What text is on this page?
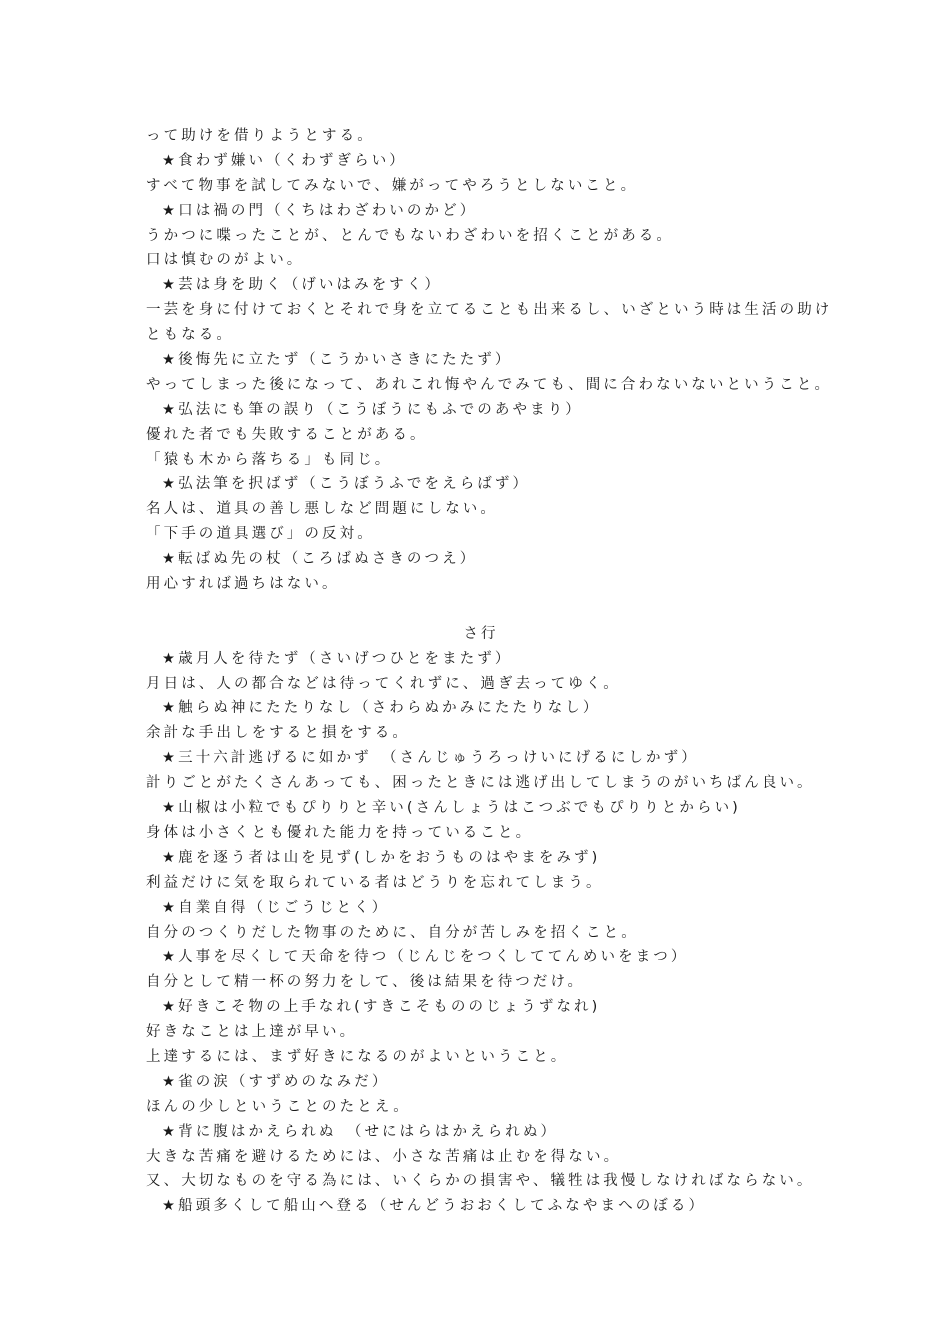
って助けを借りようとする。
★食わず嫌い（くわずぎらい）
すべて物事を試してみないで、嫌がってやろうとしないこと。
★口は禍の門（くちはわざわいのかど）
うかつに喋ったことが、とんでもないわざわいを招くことがある。
口は慎むのがよい。
★芸は身を助く（げいはみをすく）
一芸を身に付けておくとそれで身を立てることも出来るし、いざという時は生活の助け
ともなる。
★後悔先に立たず（こうかいさきにたたず）
やってしまった後になって、あれこれ悔やんでみても、間に合わないないということ。
★弘法にも筆の誤り（こうぼうにもふでのあやまり）
優れた者でも失敗することがある。
「猿も木から落ちる」も同じ。
★弘法筆を択ばず（こうぼうふでをえらばず）
名人は、道具の善し悪しなど問題にしない。
「下手の道具選び」の反対。
★転ばぬ先の杖（ころばぬさきのつえ）
用心すれば過ちはない。
さ行
★歳月人を待たず（さいげつひとをまたず）
月日は、人の都合などは待ってくれずに、過ぎ去ってゆく。
★触らぬ神にたたりなし（さわらぬかみにたたりなし）
余計な手出しをすると損をする。
★三十六計逃げるに如かず　（さんじゅうろっけいにげるにしかず）
計りごとがたくさんあっても、困ったときには逃げ出してしまうのがいちばん良い。
★山椒は小粒でもぴりりと辛い(さんしょうはこつぶでもぴりりとからい)
身体は小さくとも優れた能力を持っていること。
★鹿を逐う者は山を見ず(しかをおうものはやまをみず)
利益だけに気を取られている者はどうりを忘れてしまう。
★自業自得（じごうじとく）
自分のつくりだした物事のために、自分が苦しみを招くこと。
★人事を尽くして天命を待つ（じんじをつくしててんめいをまつ）
自分として精一杯の努力をして、後は結果を待つだけ。
★好きこそ物の上手なれ(すきこそもののじょうずなれ)
好きなことは上達が早い。
上達するには、まず好きになるのがよいということ。
★雀の涙（すずめのなみだ）
ほんの少しということのたとえ。
★背に腹はかえられぬ　（せにはらはかえられぬ）
大きな苦痛を避けるためには、小さな苦痛は止むを得ない。
又、大切なものを守る為には、いくらかの損害や、犠牲は我慢しなければならない。
★船頭多くして船山へ登る（せんどうおおくしてふなやまへのぼる）
